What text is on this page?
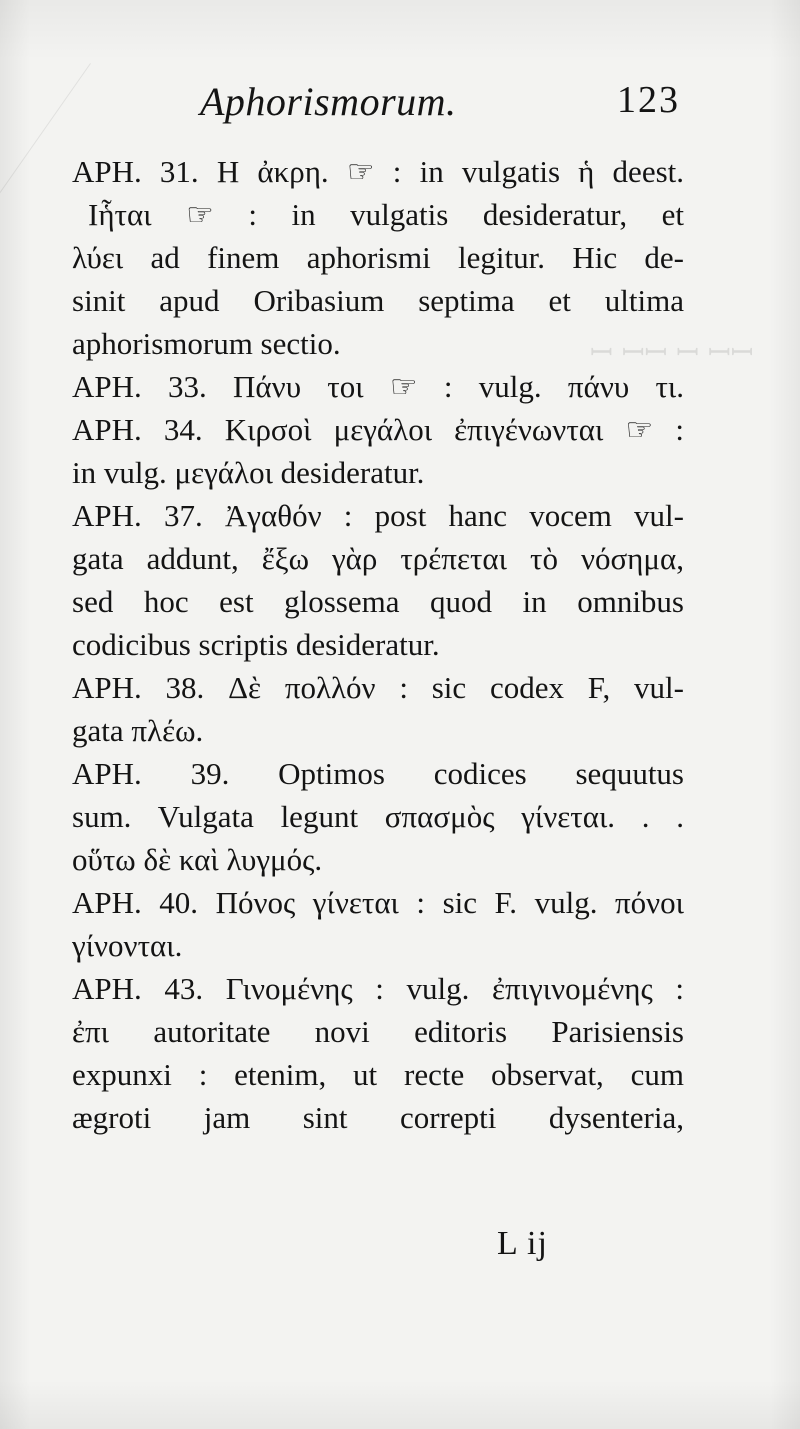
ꟷ ꟷꟷ ꟷ ꟷꟷ
Aphorismorum.	123
APH. 31. Η ἀκρη. ☞ : in vulgatis ἡ deest.
Ιἧται ☞ : in vulgatis desideratur, et
λύει ad finem aphorismi legitur. Hic de-
sinit apud Oribasium septima et ultima
aphorismorum sectio.
APH. 33. Πάνυ τοι ☞ : vulg. πάνυ τι.
APH. 34. Κιρσοὶ μεγάλοι ἐπιγένωνται ☞ :
in vulg. μεγάλοι desideratur.
APH. 37. Ἀγαθόν : post hanc vocem vul-
gata addunt, ἔξω γὰρ τρέπεται τὸ νόσημα,
sed hoc est glossema quod in omnibus
codicibus scriptis desideratur.
APH. 38. Δὲ πολλόν : sic codex F, vul-
gata πλέω.
APH. 39. Optimos codices sequutus
sum. Vulgata legunt σπασμὸς γίνεται. . .
οὕτω δὲ καὶ λυγμός.
APH. 40. Πόνος γίνεται : sic F. vulg. πόνοι
γίνονται.
APH. 43. Γινομένης : vulg. ἐπιγινομένης :
ἐπι autoritate novi editoris Parisiensis
expunxi : etenim, ut recte observat, cum
ægroti jam sint correpti dysenteria,
L ij
